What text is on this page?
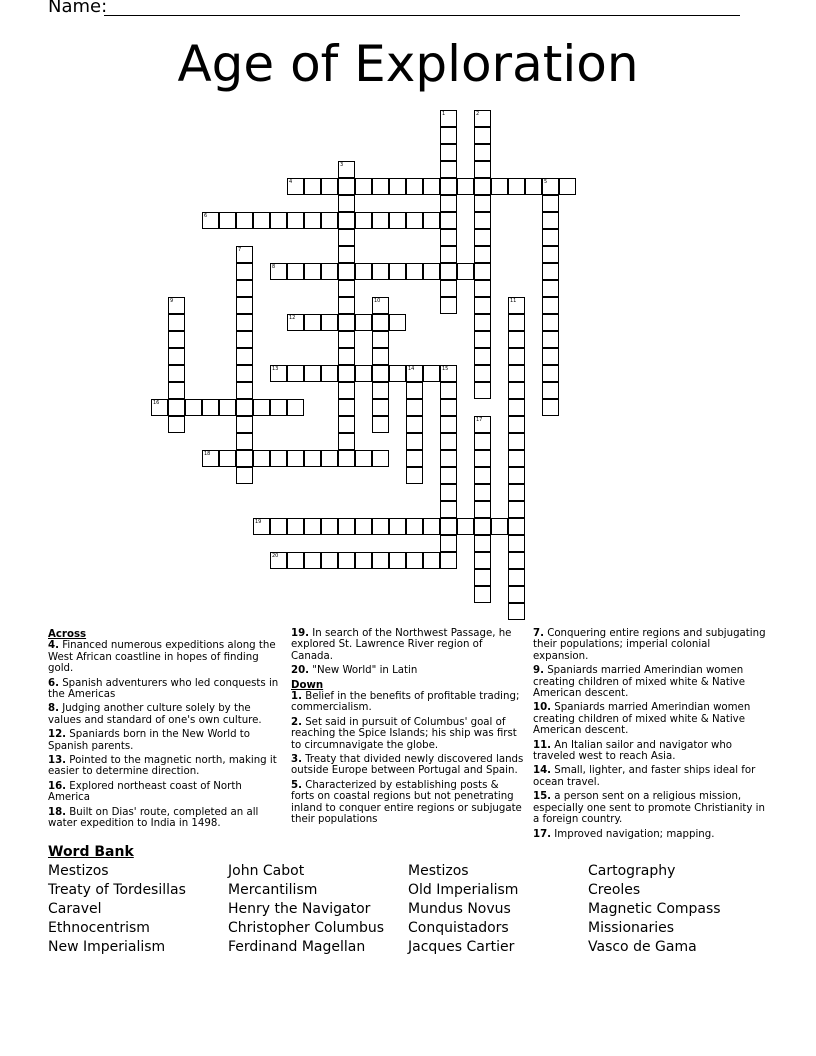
Name:
Age of Exploration
1	2
3
4	5
6
7
8
9	10	11
12
13	14	15
16
17
18
19
20
Across
4. Financed numerous expeditions along the West African coastline in hopes of finding gold.
6. Spanish adventurers who led conquests in the Americas
8. Judging another culture solely by the values and standard of one's own culture.
12. Spaniards born in the New World to Spanish parents.
13. Pointed to the magnetic north, making it easier to determine direction.
16. Explored northeast coast of North America
18. Built on Dias' route, completed an all water expedition to India in 1498.
19. In search of the Northwest Passage, he explored St. Lawrence River region of Canada.
20. "New World" in Latin
Down
1. Belief in the benefits of profitable trading; commercialism.
2. Set said in pursuit of Columbus' goal of reaching the Spice Islands; his ship was first to circumnavigate the globe.
3. Treaty that divided newly discovered lands outside Europe between Portugal and Spain.
5. Characterized by establishing posts & forts on coastal regions but not penetrating inland to conquer entire regions or subjugate their populations
7. Conquering entire regions and subjugating their populations; imperial colonial expansion.
9. Spaniards married Amerindian women creating children of mixed white & Native American descent.
10. Spaniards married Amerindian women creating children of mixed white & Native American descent.
11. An Italian sailor and navigator who traveled west to reach Asia.
14. Small, lighter, and faster ships ideal for ocean travel.
15. a person sent on a religious mission, especially one sent to promote Christianity in a foreign country.
17. Improved navigation; mapping.
Word Bank
Mestizos	John Cabot	Mestizos	Cartography
Treaty of Tordesillas	Mercantilism	Old Imperialism	Creoles
Caravel	Henry the Navigator	Mundus Novus	Magnetic Compass
Ethnocentrism	Christopher Columbus	Conquistadors	Missionaries
New Imperialism	Ferdinand Magellan	Jacques Cartier	Vasco de Gama
